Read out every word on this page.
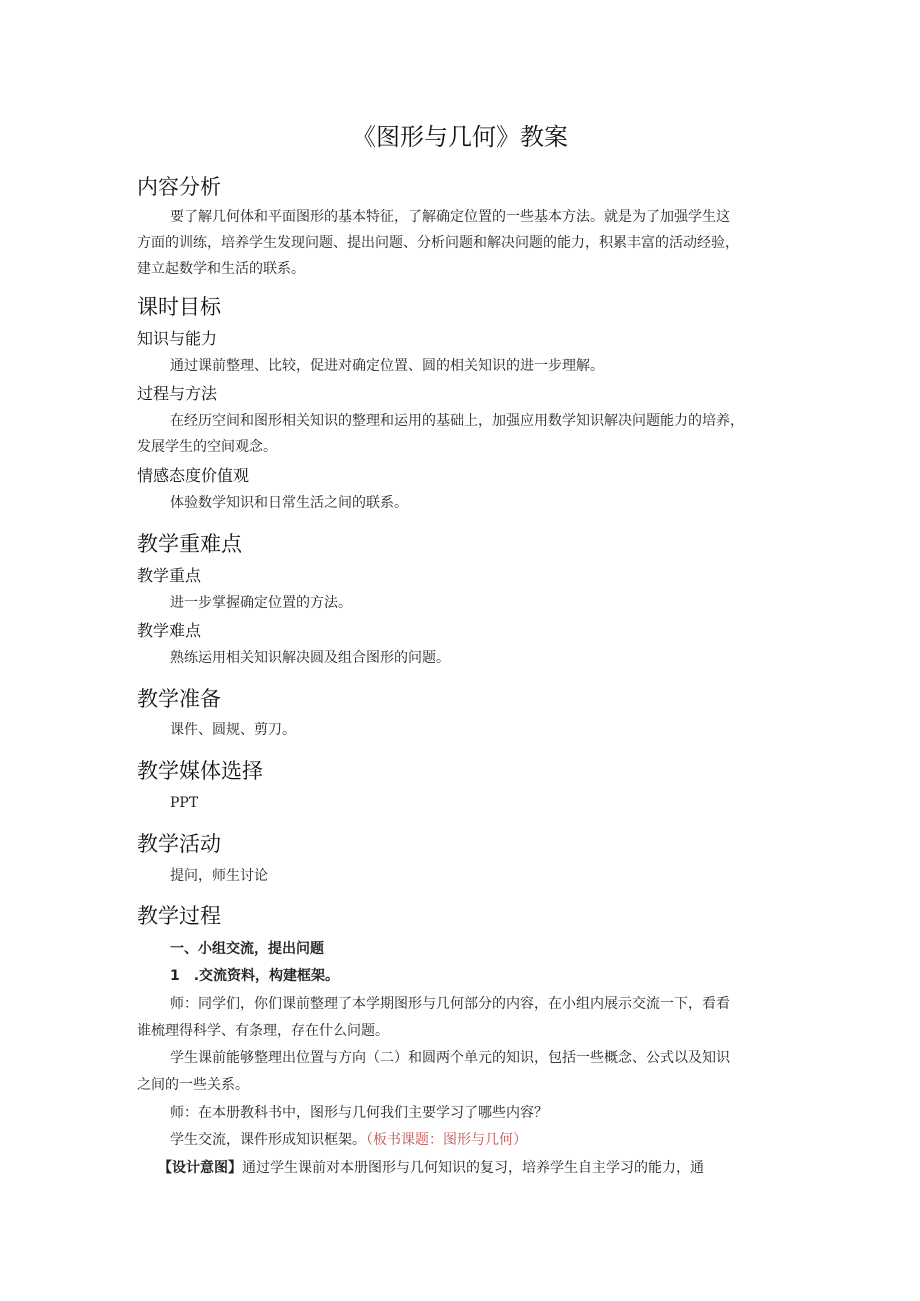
《图形与几何》教案
内容分析
要了解几何体和平面图形的基本特征，了解确定位置的一些基本方法。就是为了加强学生这
方面的训练，培养学生发现问题、提出问题、分析问题和解决问题的能力，积累丰富的活动经验，
建立起数学和生活的联系。
课时目标
知识与能力
通过课前整理、比较，促进对确定位置、圆的相关知识的进一步理解。
过程与方法
在经历空间和图形相关知识的整理和运用的基础上，加强应用数学知识解决问题能力的培养，
发展学生的空间观念。
情感态度价值观
体验数学知识和日常生活之间的联系。
教学重难点
教学重点
进一步掌握确定位置的方法。
教学难点
熟练运用相关知识解决圆及组合图形的问题。
教学准备
课件、圆规、剪刀。
教学媒体选择
PPT
教学活动
提问，师生讨论
教学过程
一、小组交流，提出问题
1　.交流资料，构建框架。
师：同学们，你们课前整理了本学期图形与几何部分的内容，在小组内展示交流一下，看看
谁梳理得科学、有条理，存在什么问题。
学生课前能够整理出位置与方向（二）和圆两个单元的知识，包括一些概念、公式以及知识
之间的一些关系。
师：在本册教科书中，图形与几何我们主要学习了哪些内容？
学生交流，课件形成知识框架。（板书课题：图形与几何）
【设计意图】通过学生课前对本册图形与几何知识的复习，培养学生自主学习的能力，通
